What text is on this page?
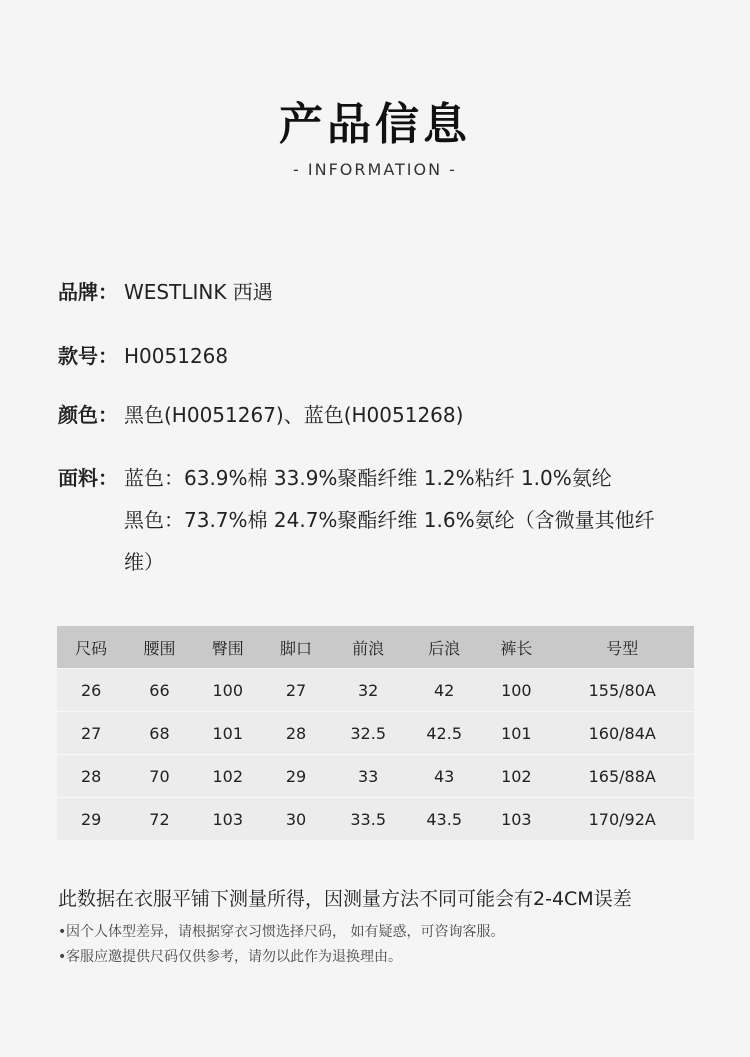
产品信息
- INFORMATION -
品牌： WESTLINK 西遇
款号： H0051268
颜色： 黑色(H0051267)、蓝色(H0051268)
面料： 蓝色：63.9%棉 33.9%聚酯纤维 1.2%粘纤 1.0%氨纶
黑色：73.7%棉 24.7%聚酯纤维 1.6%氨纶（含微量其他纤
维）
尺码	腰围	臀围	脚口	前浪	后浪	裤长	号型
26	66	100	27	32	42	100	155/80A
27	68	101	28	32.5	42.5	101	160/84A
28	70	102	29	33	43	102	165/88A
29	72	103	30	33.5	43.5	103	170/92A
此数据在衣服平铺下测量所得，因测量方法不同可能会有2-4CM误差
•因个人体型差异，请根据穿衣习惯选择尺码， 如有疑惑，可咨询客服。
•客服应邀提供尺码仅供参考，请勿以此作为退换理由。
